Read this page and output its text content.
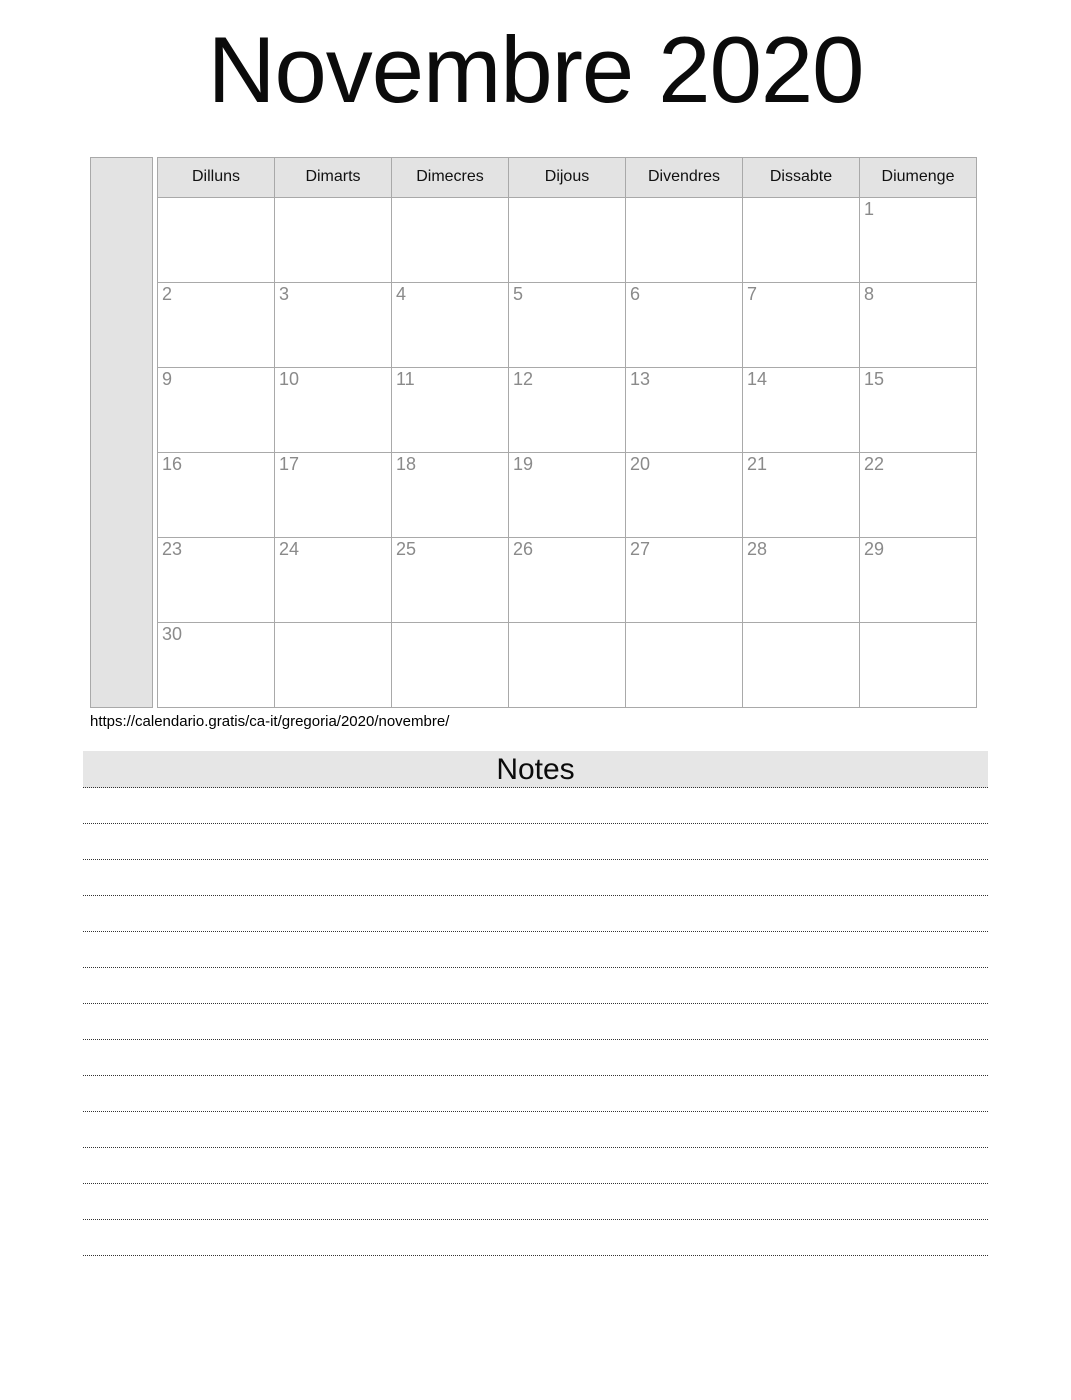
Novembre 2020
Dilluns	Dimarts	Dimecres	Dijous	Divendres	Dissabte	Diumenge
						1
2	3	4	5	6	7	8
9	10	11	12	13	14	15
16	17	18	19	20	21	22
23	24	25	26	27	28	29
30						
https://calendario.gratis/ca-it/gregoria/2020/novembre/
Notes
